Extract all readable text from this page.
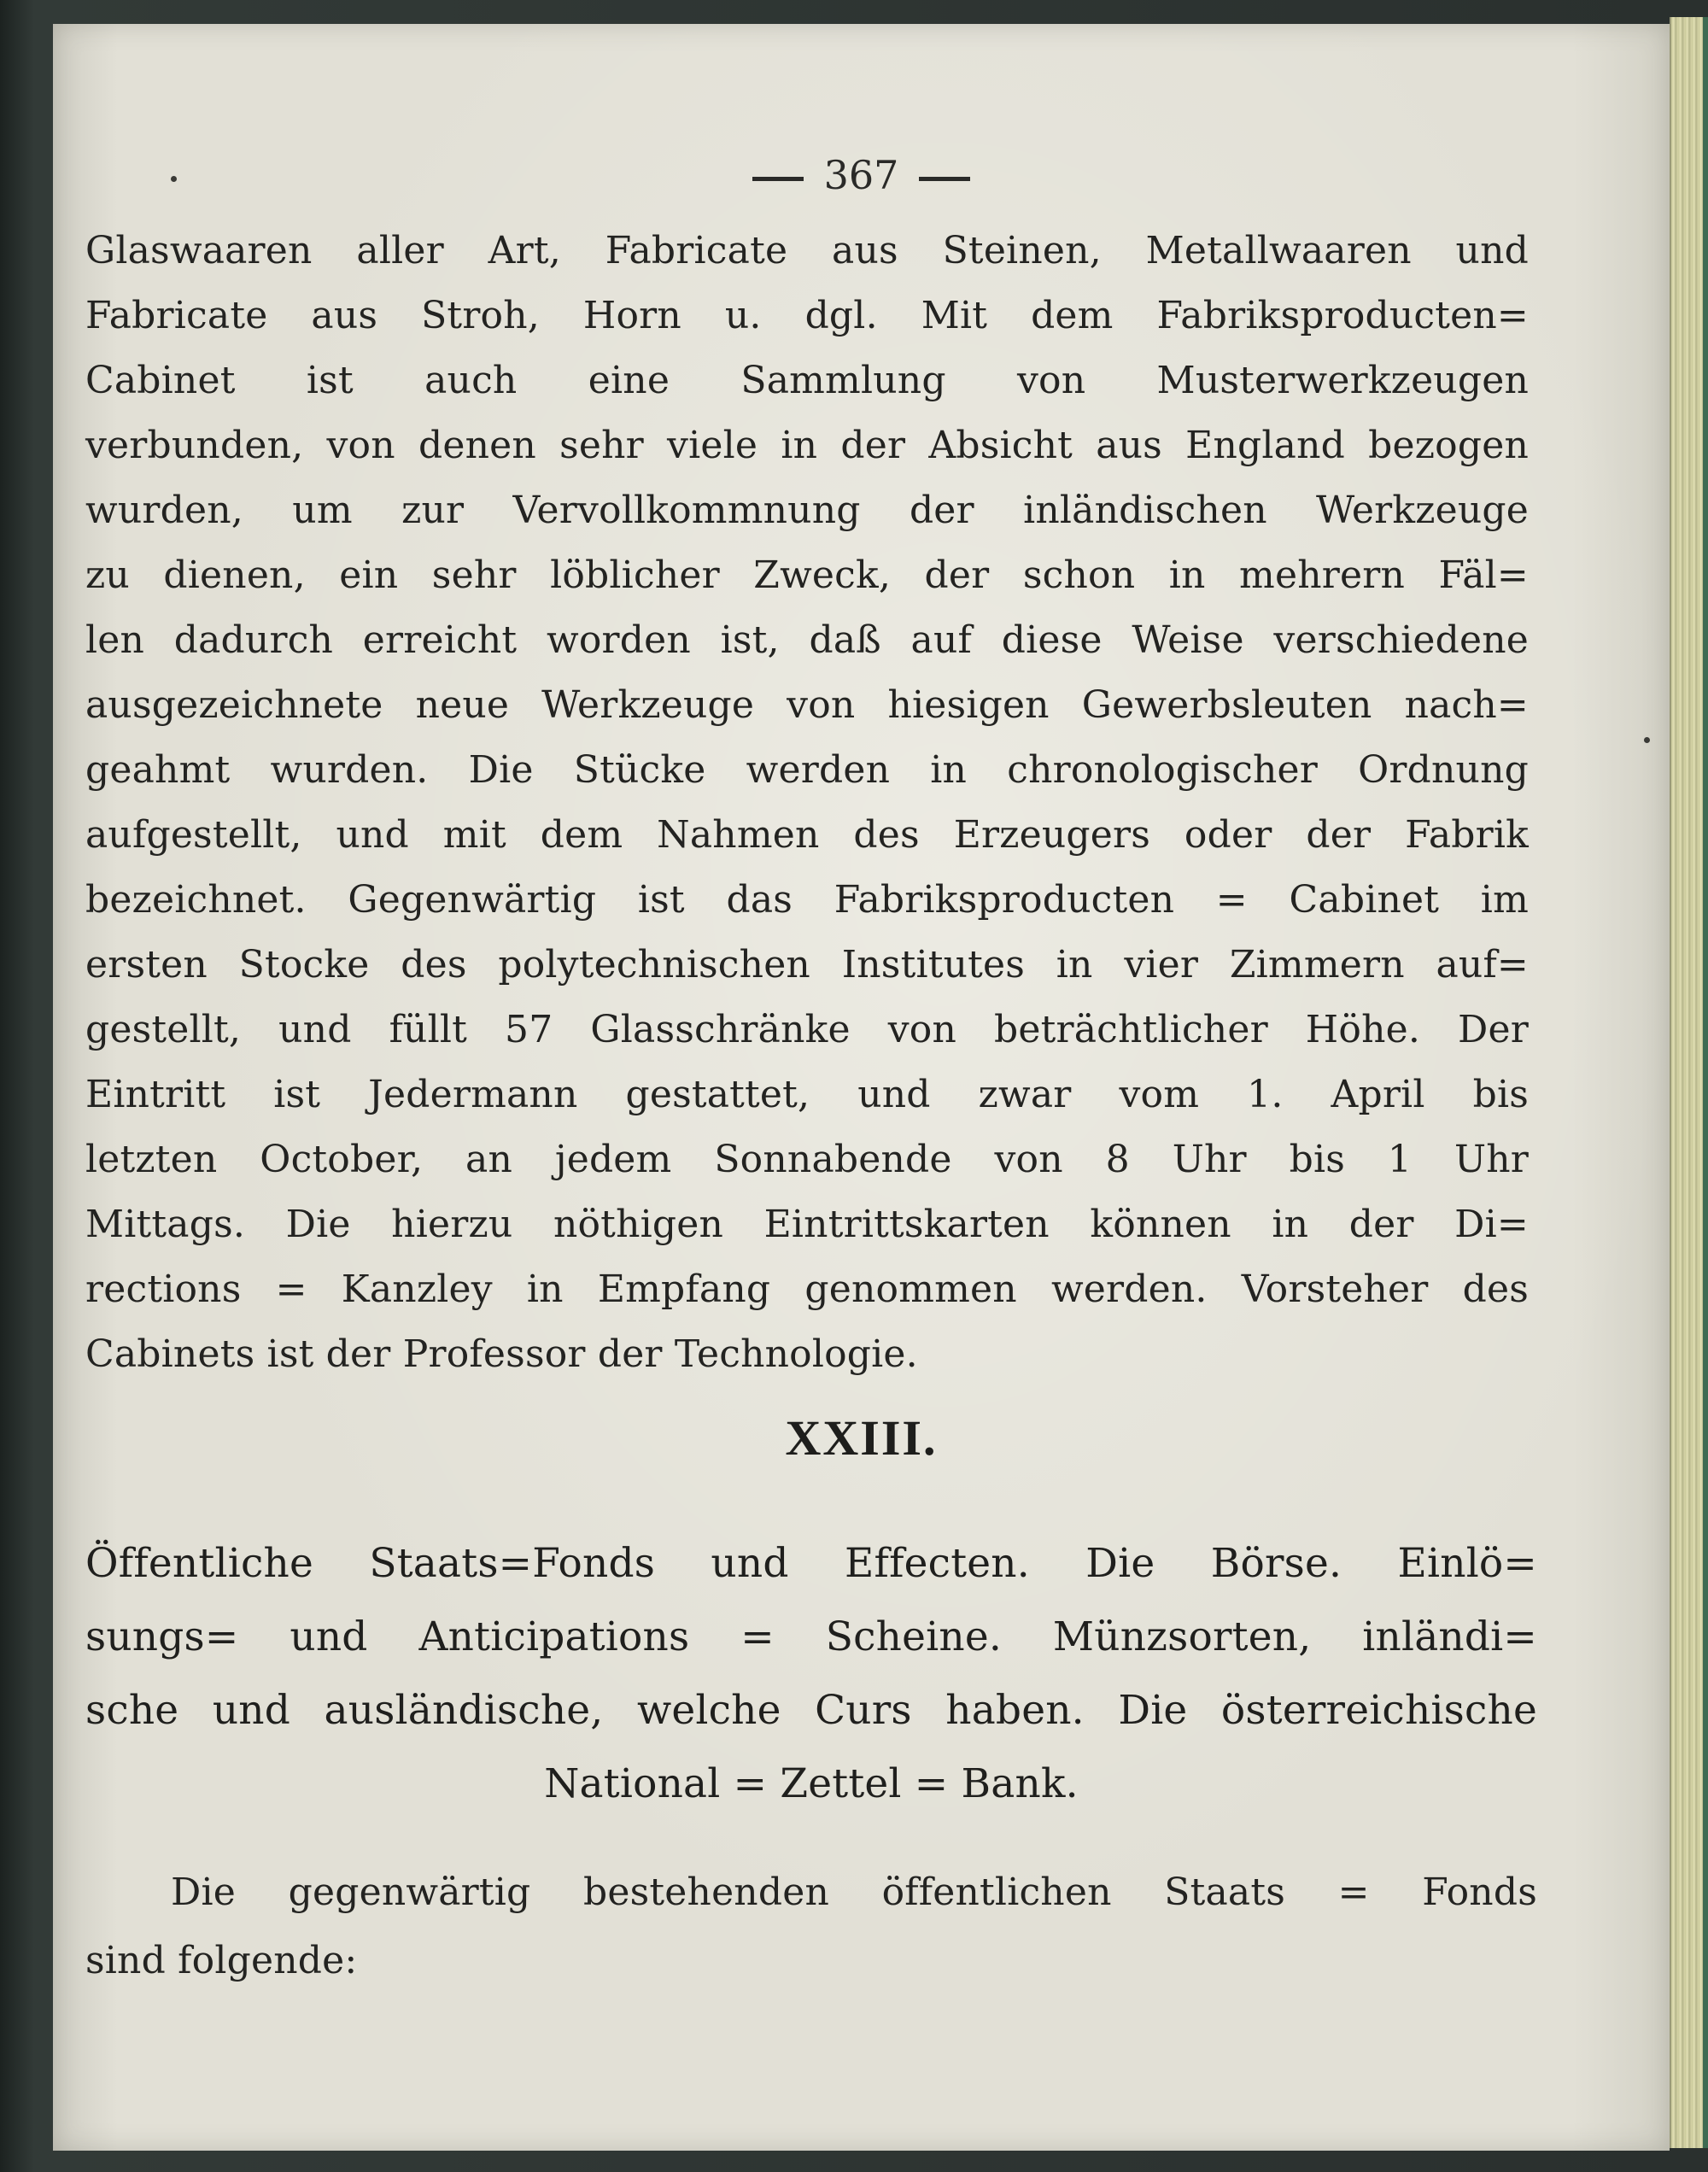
367
Glaswaaren aller Art, Fabricate aus Steinen, Metallwaaren und
Fabricate aus Stroh, Horn u. dgl. Mit dem Fabriksproducten=
Cabinet ist auch eine Sammlung von Musterwerkzeugen
verbunden, von denen sehr viele in der Absicht aus England bezogen
wurden, um zur Vervollkommnung der inländischen Werkzeuge
zu dienen, ein sehr löblicher Zweck, der schon in mehrern Fäl=
len dadurch erreicht worden ist, daß auf diese Weise verschiedene
ausgezeichnete neue Werkzeuge von hiesigen Gewerbsleuten nach=
geahmt wurden. Die Stücke werden in chronologischer Ordnung
aufgestellt, und mit dem Nahmen des Erzeugers oder der Fabrik
bezeichnet. Gegenwärtig ist das Fabriksproducten = Cabinet im
ersten Stocke des polytechnischen Institutes in vier Zimmern auf=
gestellt, und füllt 57 Glasschränke von beträchtlicher Höhe. Der
Eintritt ist Jedermann gestattet, und zwar vom 1. April bis
letzten October, an jedem Sonnabende von 8 Uhr bis 1 Uhr
Mittags. Die hierzu nöthigen Eintrittskarten können in der Di=
rections = Kanzley in Empfang genommen werden. Vorsteher des
Cabinets ist der Professor der Technologie.
XXIII.
Öffentliche Staats=Fonds und Effecten. Die Börse. Einlö=
sungs= und Anticipations = Scheine. Münzsorten, inländi=
sche und ausländische, welche Curs haben. Die österreichische
National = Zettel = Bank.
Die gegenwärtig bestehenden öffentlichen Staats = Fonds
sind folgende:
